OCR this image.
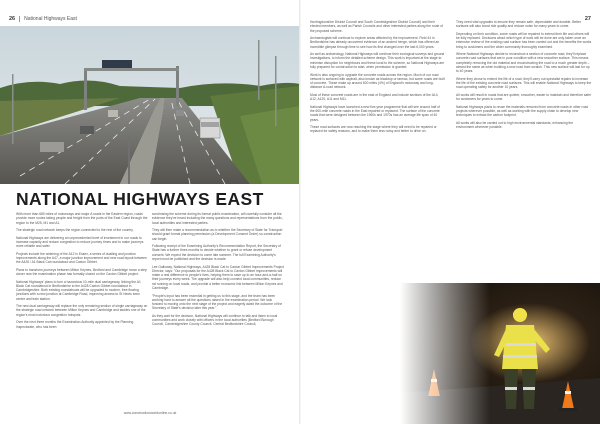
26 National Highways East
NATIONAL HIGHWAYS EAST

With more than 680 miles of motorways and major A roads in the Eastern region, roads provide more routes taking people and freight from the ports of the East Coast through the region to the M25, M1 and A1.

The strategic road network keeps the region connected to the rest of the country.

National Highways are delivering an unprecedented level of investment in our roads to increase capacity and reduce congestion to reduce journey times and to make journeys more reliable and safer.

Projects include the widening of the A12 in Essex, a series of dualling and junction improvements along the A47, a major junction improvement and new road layout between the A428 / A1 Black Cat roundabout and Caxton Gibbet.

Plans to transform journeys between Milton Keynes, Bedford and Cambridge move a step closer now the examination phase has formally closed on the Caxton Gibbet project.

National Highways' plans to turn a hazardous 10-mile dual carriageway, linking the A1 Black Cat roundabout in Bedfordshire to the A428 Caxton Gibbet roundabout in Cambridgeshire. Both existing roundabouts will be upgraded to modern, free-flowing junctions with a new junction at Cambridge Road, improving access to St Neots town centre and train station.

The new dual carriageway will replace the only remaining section of single carriageway on the strategic road network between Milton Keynes and Cambridge and tackles one of the region's most notorious congestion hotspots.

Over the next three months the Examination Authority appointed by the Planning Inspectorate, who has been

scrutinising the scheme during its formal public examination, will carefully consider all the evidence they've heard including the many questions and representations from the public, local authorities and interested parties.

They will then make a recommendation as to whether the Secretary of State for Transport should grant formal planning permission (a Development Consent Order) so construction can begin.

Following receipt of the Examining Authority's Recommendation Report, the Secretary of State has a further three months to decide whether to grant or refuse development consent. We expect the decision to come late summer. The full Examining Authority's report must be published and the decision is made.

Lee Galloway, National Highways, A428 Black Cat to Caxton Gibbet Improvements Project Director, says: "Our proposals for the A428 Black Cat to Caxton Gibbet improvements will make a real difference to people's lives, helping them to save up to an hour-and-a-half on their journeys every week. The upgrade will also help connect local communities, reduce rat running on local roads, and provide a better economic link between Milton Keynes and Cambridge.

"People's input has been essential in getting us to this stage, and the team has been working hard to answer all the questions raised in the examination period. We look forward to moving onto the next stage of the project and eagerly await the outcome of the Secretary of State's decision later this year."

As they wait for the decision, National Highways will continue to talk and listen to local communities and work closely with officers in the local authorities (Bedford Borough Council, Cambridgeshire County Council, Central Bedfordshire Council,

27

Huntingdonshire District Council and South Cambridgeshire District Council) and their elected members, as well as Parish Councils and other interested parties along the route of the proposed scheme.

Archaeologists will continue to explore areas affected by the improvement. Field 44 in Bedfordshire has already uncovered evidence of an ancient henge, which has offered an incredible glimpse through time to see how its first changed over the last 6,000 years.

As well as archaeology, National Highways will continue their ecological surveys and ground investigations, to inform the detailed scheme design. This work is important at the stage to minimise disruption for neighbours and these local to the scheme, so National Highways are fully prepared for construction to start, when permission is granted.

Work is also ongoing to upgrade the concrete roads across the region. Much of our road network is surfaced with asphalt, also known as blacktop or tarmac, but some roads are built of concrete. These make up around 600 miles (4%) of England's motorway and long-distance A-road network.

Most of these concrete roads are in the east of England and include sections of the A14, A12, A120, A11 and M11.

National Highways have launched a new five-year programme that will see around half of the 600-mile concrete roads in the East repaired or replaced. The surface of the concrete roads that were designed between the 1960s and 1970s has an average life span of 40 years.

These road surfaces are now reaching the stage where they will need to be repaired or replaced for safety reasons, and to make them less noisy and better to drive on.

They need vital upgrades to ensure they remain safe, dependable and durable. Better surfaces will also boost ride quality and reduce noise for many years to come.

Depending on their condition, some roads will be repaired to extend their life and others will be fully replaced. Decisions about which type of work will be done are only taken once an extensive review of the existing road surface has been carried out and the benefits the works bring to customers and the wider community thoroughly examined.

Where National Highways decide to reconstruct a section of concrete road, they'll replace concrete road surfaces that are in poor condition with a new smoother surface. This means completely removing the old material and reconstructing the road to a much greater depth – almost the same as when building a new road from scratch. This new surface will last for up to 40 years.

Where they chose to extend the life of a road, they'll carry out specialist repairs to increase the life of the existing concrete road surfaces. This will enable National Highways to keep the road operating safely for another 10 years.

All works will result in roads that are quieter, smoother, easier to maintain and therefore safer for customers for years to come.

National Highways plans to reuse the materials removed from concrete roads in other road projects wherever possible, as well as working with the supply chain to develop new techniques to extract the carbon footprint.

All works will also be carried out to high environmental standards, enhancing the environment wherever possible.

www.constructionworldonline.co.uk
